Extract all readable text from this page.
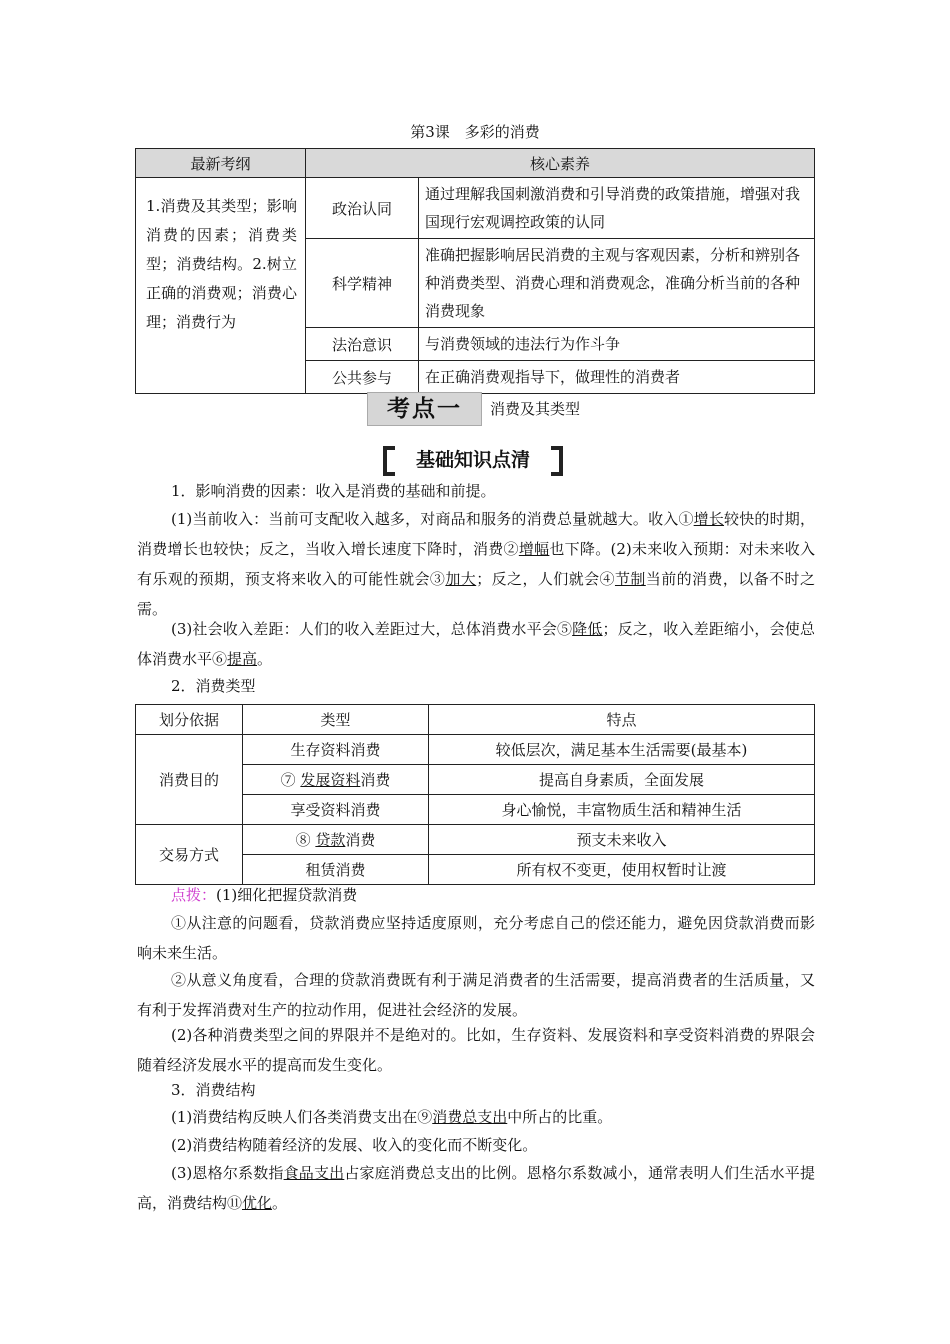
第3课　多彩的消费
最新考纲	核心素养	
1.消费及其类型；影响消费的因素；消费类型；消费结构。2.树立正确的消费观；消费心理；消费行为	政治认同	通过理解我国刺激消费和引导消费的政策措施，增强对我国现行宏观调控政策的认同
	科学精神	准确把握影响居民消费的主观与客观因素，分析和辨别各种消费类型、消费心理和消费观念，准确分析当前的各种消费现象
	法治意识	与消费领域的违法行为作斗争
	公共参与	在正确消费观指导下，做理性的消费者
考点一	消费及其类型
基础知识点清

1．影响消费的因素：收入是消费的基础和前提。

(1)当前收入：当前可支配收入越多，对商品和服务的消费总量就越大。收入①增长较快的时期，消费增长也较快；反之，当收入增长速度下降时，消费②增幅也下降。(2)未来收入预期：对未来收入有乐观的预期，预支将来收入的可能性就会③加大；反之，人们就会④节制当前的消费，以备不时之需。

(3)社会收入差距：人们的收入差距过大，总体消费水平会⑤降低；反之，收入差距缩小，会使总体消费水平⑥提高。

2．消费类型

划分依据	类型	特点
消费目的	生存资料消费	较低层次，满足基本生活需要(最基本)
	⑦ 发展资料消费	提高自身素质，全面发展
	享受资料消费	身心愉悦，丰富物质生活和精神生活
交易方式	⑧ 贷款消费	预支未来收入
	租赁消费	所有权不变更，使用权暂时让渡

点拨：(1)细化把握贷款消费

①从注意的问题看，贷款消费应坚持适度原则，充分考虑自己的偿还能力，避免因贷款消费而影响未来生活。

②从意义角度看，合理的贷款消费既有利于满足消费者的生活需要，提高消费者的生活质量，又有利于发挥消费对生产的拉动作用，促进社会经济的发展。

(2)各种消费类型之间的界限并不是绝对的。比如，生存资料、发展资料和享受资料消费的界限会随着经济发展水平的提高而发生变化。

3．消费结构

(1)消费结构反映人们各类消费支出在⑨消费总支出中所占的比重。

(2)消费结构随着经济的发展、收入的变化而不断变化。

(3)恩格尔系数指食品支出占家庭消费总支出的比例。恩格尔系数减小，通常表明人们生活水平提高，消费结构⑪优化。
